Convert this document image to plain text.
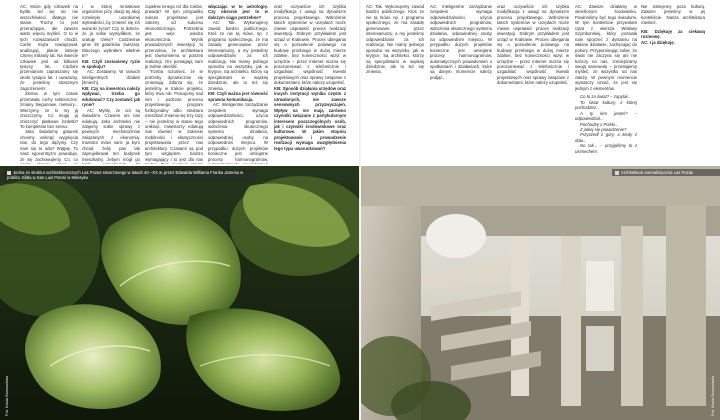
AC: Może gdy człowiek na bydle, też się nic nie wszechświeci dlatego nie stanie. Trochę to jest przerażające, ale zawsze warto więcej myśleć. O to w tych rozważaniach chodzi. Carlin mąża nawiązywał, analizując, planie istnieje czterej miliardy lat. Na świecie człowiek jest od kilkuset tysięcy lat. Ciężkim przemianom zapraszamy się około tysiąca lat. I uważamy, że jesteśmy strasznym zagrożeniem!

Ziemia w tym czasie przetrwała ruchy tektoniczne, zmiany biegunowe, meteory... Wierzymy, że to my ją zniszczymy. Co mogę ją zniszczyć płatkowe bzdetki? To kompletnie bez sensu.

Jako świadomy gatunek chcemy uniknąć wygnięcia nas, do tego dążymy. Czy nam się to uda? Wątpię. To nasz egocentryzm powoduje, że się zachowujemy. Co, co

i w której mrówkowe organizmie przy okazji tej akcji rozwinęło uosobionej wytrwałości, by zmienić się ich warunki życia? Czy to dobrze, że ja sobie wymyśliłem, że uratuję rzekę? Codziennie ginie 25 gatunków zwierząt. Dlaczego wybrałem właśnie te?

KB: Czyli zostaniemy ryzie w spokoju?

AC: Zostawmy. W ramach inteligentnych działań [śmiech].

KB: Czy na inwestora należy wpływać, trzeba go edukować? Czy zostawić jak rynie?

AC: Myślę, że oni są świadomi. Czasem oni nas edukują. Jako architekci nie zdajemy sobie sprawy z pewnych mechanizmów związanych z ekonomią. Inwestor mówi nam: ja bym chciał, żeby pan tak zaprojektował ten budynek mieszkalny, żebym mógł go

zupełnie innego niż dla Ciebie, prawda? W tym przypadku sukces projektowe jest zależny od sukcesu ekonomicznego. Potrzebna jest więc wiedza ekonomiczna. Wynik prowadzonych inwestycji to przenośnia, że architektura jest równomierna w potrzeb realizacji. Oni pomagają nam je trafnie określić.

Trzeba rozumieć, że te potrzeby dynamicznie się zmieniają. Zdarza się, że jesteśmy w trakcie projektu, który trwa rok. Pracujemy nad nim i podczas procesu projektowego program funkcjonalny albo struktura mieszkań zmienia się trzy razy – nie jesteśmy w stanie tego uniknąć. Inwestorzy edukują nas również w zakresie mobilności i elastyczności projektowania przez nas architektury. Czasami są pod tym względem bardzo wymagający i to jest dla nas

włączając w to astrologię. Czy obecnie jest to w dalszym ciągu potrzebne?

AC: Tak. Wykonujemy zawód bardzo publicznego. Ktoś ze nie tą mówi, np. z programu społecznego, że ma zasadę generowane przez interesariuszy, a my jesteśmy odpowiedzialni za ich realizację. Nie mamy jednego sposobu na wszystko, jak w krytyce. Są architekci, którzy są specjalistami w wąskiej dziedzinie, ale to też się zmienia.

KB: Czyli ważna jest równość sprawna komunikacja.

AC: Inteligentne zarządzanie zespołem wymaga odpowiedzialności, użycia odpowiednich programów, wdrożenia skutecznego systemu działania, odpowiedniej osoby na odpowiednim miejscu. W przypadku dużych projektów konieczne jest umiejętne procesy harmonogramów,

oraz oczywiście ich szybka modyfikacja z uwagi na dynamizm procesu projektowego. Wdrożenie takich systemów w urzędach może równie usprawnić proces realizacji inwestycji. Dobrym przykładem jest urząd w Krakowie. Proces ubiegania się o pozwolenie polowego na budowę przebiega w dużej mierze zdalnie, bez konieczności wizyt w urzędzie – przez internet można się porozumiewać z telefonicznie i uzgadniać wspólność kwestii projektowych oraz sprawy związane z dokumentami, które należy uzupełnić.

KB: Sposób działania urzędów oraz innych instytucji wynika często z utrwalonych, nie zawsze sensownych przyzwyczajeń. Wpływ na nie mają zarówno czynniki związane z partykularnym interesem poszczególnych osób, jak i czynniki środowiskowe oraz kulturowe. W jakim stopniu projektowanie i prowadzenie realizacji wymaga uwzględnienia tego typu uwarunkowań?

AC: Zawsze działamy w określonym środowisku. Powinniśmy być tego świadomi. W tym kontekście przywołam cytat z wiersza Wisławy Szymborskiej, który pozwala nam spojrzeć z dystansu na własne działanie, zachęcając do pokory. Przypominając sobie, że świat nie zaczyna się ani nie kończy na nas, zmniejszamy swoją samowolę – przestajemy myśleć, że wszystko od nas zależy. W pewnym momencie wystarczy uznać, że jest się jednym z elementów.

Co to za świat? – zapytał...

To świat kultury, z której pochodzisz...

A ty kim jesteś? – odpowiedział...

Pochodzę z Polski...

Z jakiej się powodzenie?

Przyszedł z góry, a kiedy z dołu...

No tak... – przyjęliśmy to z uśmiechem.

Nie istniejemy poza kulturą. Zawsze jesteśmy w jej kontekście. Nasza architektura również.

KB: Dziękuję za ciekawą rozmowę.

AC: I ja dziękuję.

AC: Tak. Wykonujemy zawód bardzo publicznego. Ktoś ze nie tą mówi, np. z programu społecznego, że ma zasadę generowane przez interesariuszy, a my jesteśmy odpowiedzialni za ich realizację. Nie mamy jednego sposobu na wszystko, jak w krytyce. Są architekci, którzy są specjalistami w wąskiej dziedzinie, ale to też się zmienia.

AC: Inteligentne zarządzanie zespołem wymaga odpowiedzialności, użycia odpowiednich programów, wdrożenia skutecznego systemu działania, odpowiedniej osoby na odpowiednim miejscu. W przypadku dużych projektów konieczne jest umiejętne procesy harmonogramów, automatycznych powiadomień o spotkaniach i działaniach, które są danym momencie należy podjąć,

oraz oczywiście ich szybka modyfikacja z uwagi na dynamizm procesu projektowego. Wdrożenie takich systemów w urzędach może równie usprawnić proces realizacji inwestycji. Dobrym przykładem jest urząd w Krakowie. Proces ubiegania się o pozwolenie polowego na budowę przebiega w dużej mierze zdalnie, bez konieczności wizyt w urzędzie – przez internet można się porozumiewać z telefonicznie i uzgadniać wspólność kwestii projektowych oraz sprawy związane z dokumentami, które należy uzupełnić.

Jedna ze struktur architektonicznych Las Pozas stworzonego w latach 40.–XX w. przez Edwarda Williama Franka Jamesa w pobliżu Xilitla w San Luis Potosí w Meksyku
Fot. Kasia Brzozańska
Architektura surrealistyczna Las Pozas
Fot. Kasia Brzozańska
